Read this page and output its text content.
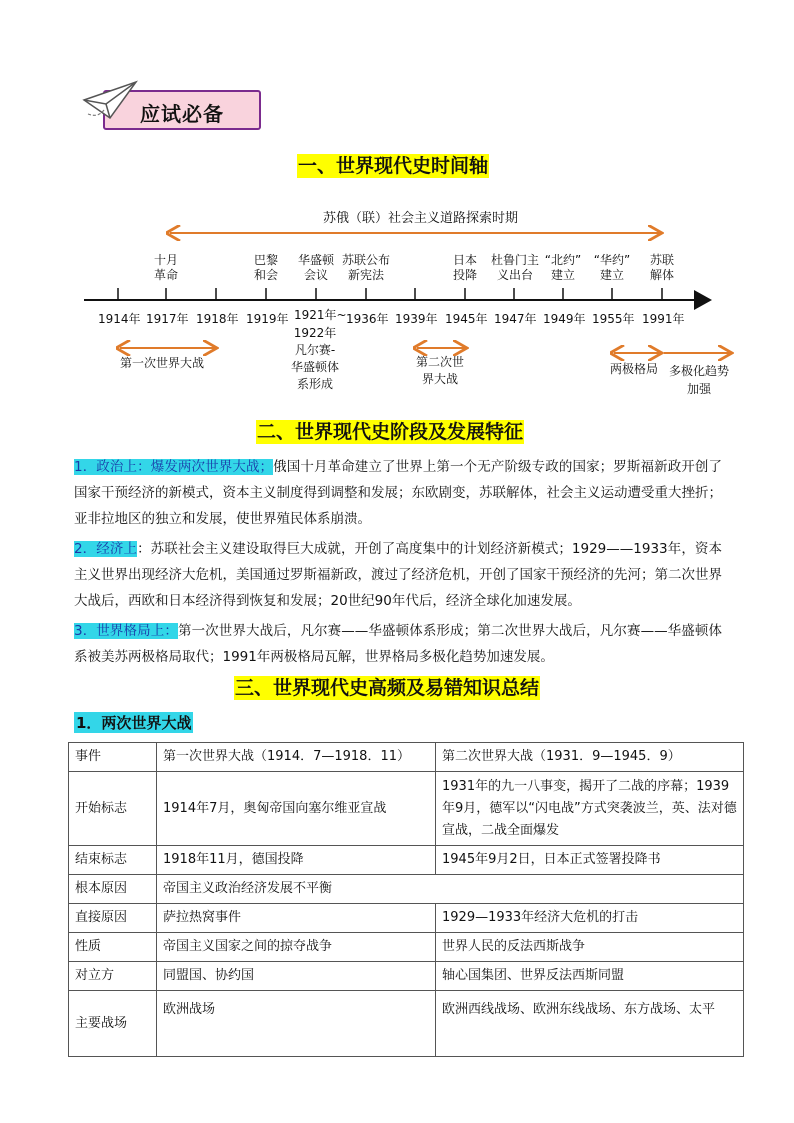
应试必备
一、世界现代史时间轴
苏俄（联）社会主义道路探索时期
十月
革命
巴黎
和会
华盛顿
会议
苏联公布
新宪法
日本
投降
杜鲁门主
义出台
“北约”
建立
“华约”
建立
苏联
解体
1914年 1917年 1918年 1919年 1921年~ 1936年 1939年 1945年 1947年 1949年 1955年 1991年
1922年
凡尔赛-
华盛顿体
系形成
第一次世界大战	第二次世
界大战
两极格局 多极化趋势
加强
二、世界现代史阶段及发展特征
1．政治上：爆发两次世界大战；俄国十月革命建立了世界上第一个无产阶级专政的国家；罗斯福新政开创了国家干预经济的新模式，资本主义制度得到调整和发展；东欧剧变，苏联解体，社会主义运动遭受重大挫折；亚非拉地区的独立和发展，使世界殖民体系崩溃。
2．经济上：苏联社会主义建设取得巨大成就，开创了高度集中的计划经济新模式；1929——1933年，资本主义世界出现经济大危机，美国通过罗斯福新政，渡过了经济危机，开创了国家干预经济的先河；第二次世界大战后，西欧和日本经济得到恢复和发展；20世纪90年代后，经济全球化加速发展。
3．世界格局上：第一次世界大战后，凡尔赛——华盛顿体系形成；第二次世界大战后，凡尔赛——华盛顿体系被美苏两极格局取代；1991年两极格局瓦解，世界格局多极化趋势加速发展。
三、世界现代史高频及易错知识总结
1．两次世界大战
事件	第一次世界大战（1914．7—1918．11）	第二次世界大战（1931．9—1945．9）
开始标志	1914年7月，奥匈帝国向塞尔维亚宣战	1931年的九一八事变，揭开了二战的序幕；1939年9月，德军以“闪电战”方式突袭波兰，英、法对德宣战，二战全面爆发
结束标志	1918年11月，德国投降	1945年9月2日，日本正式签署投降书
根本原因	帝国主义政治经济发展不平衡	
直接原因	萨拉热窝事件	1929—1933年经济大危机的打击
性质	帝国主义国家之间的掠夺战争	世界人民的反法西斯战争
对立方	同盟国、协约国	轴心国集团、世界反法西斯同盟
主要战场	欧洲战场	欧洲西线战场、欧洲东线战场、东方战场、太平
